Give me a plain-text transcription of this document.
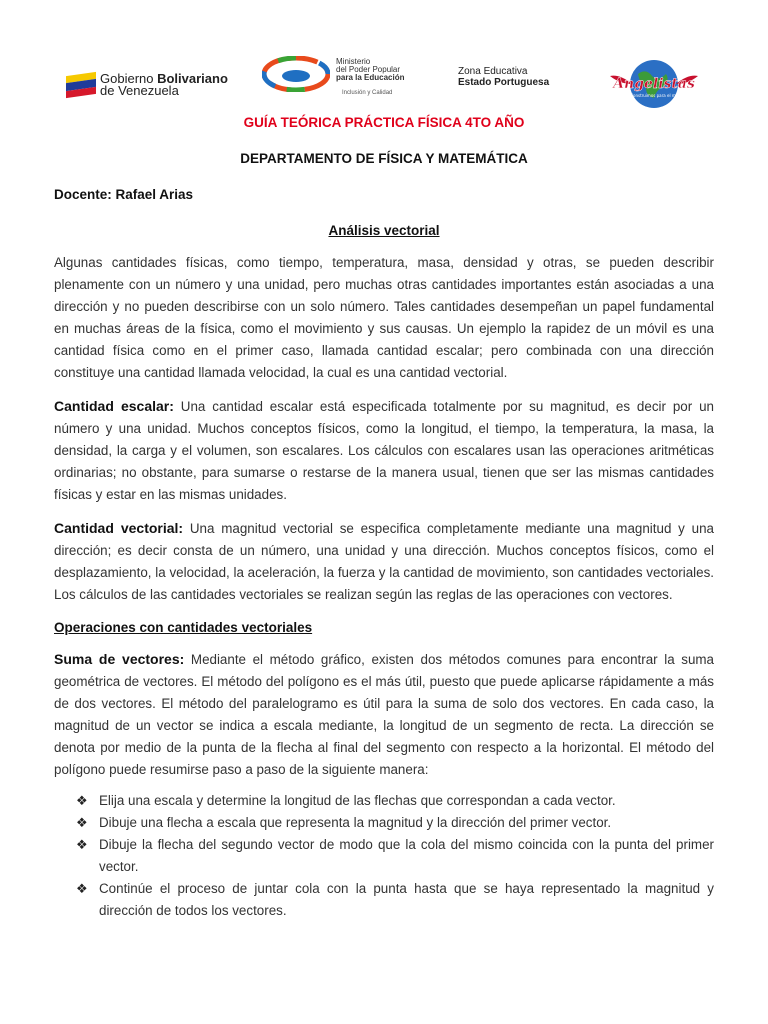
Gobierno Bolivariano
de Venezuela
Ministerio
del Poder Popular
para la Educación
Inclusión y Calidad
Zona Educativa
Estado Portuguesa	Angelistas
Construimos para el mundo
GUÍA TEÓRICA PRÁCTICA FÍSICA 4TO AÑO
DEPARTAMENTO DE FÍSICA Y MATEMÁTICA
Docente: Rafael Arias
Análisis vectorial

Algunas cantidades físicas, como tiempo, temperatura, masa, densidad y otras, se pueden describir plenamente con un número y una unidad, pero muchas otras cantidades importantes están asociadas a una dirección y no pueden describirse con un solo número. Tales cantidades desempeñan un papel fundamental en muchas áreas de la física, como el movimiento y sus causas. Un ejemplo la rapidez de un móvil es una cantidad física como en el primer caso, llamada cantidad escalar; pero combinada con una dirección constituye una cantidad llamada velocidad, la cual es una cantidad vectorial.

Cantidad escalar: Una cantidad escalar está especificada totalmente por su magnitud, es decir por un número y una unidad. Muchos conceptos físicos, como la longitud, el tiempo, la temperatura, la masa, la densidad, la carga y el volumen, son escalares. Los cálculos con escalares usan las operaciones aritméticas ordinarias; no obstante, para sumarse o restarse de la manera usual, tienen que ser las mismas cantidades físicas y estar en las mismas unidades.

Cantidad vectorial: Una magnitud vectorial se especifica completamente mediante una magnitud y una dirección; es decir consta de un número, una unidad y una dirección. Muchos conceptos físicos, como el desplazamiento, la velocidad, la aceleración, la fuerza y la cantidad de movimiento, son cantidades vectoriales. Los cálculos de las cantidades vectoriales se realizan según las reglas de las operaciones con vectores.

Operaciones con cantidades vectoriales

Suma de vectores: Mediante el método gráfico, existen dos métodos comunes para encontrar la suma geométrica de vectores. El método del polígono es el más útil, puesto que puede aplicarse rápidamente a más de dos vectores. El método del paralelogramo es útil para la suma de solo dos vectores. En cada caso, la magnitud de un vector se indica a escala mediante, la longitud de un segmento de recta. La dirección se denota por medio de la punta de la flecha al final del segmento con respecto a la horizontal. El método del polígono puede resumirse paso a paso de la siguiente manera:

❖ Elija una escala y determine la longitud de las flechas que correspondan a cada vector.
❖ Dibuje una flecha a escala que representa la magnitud y la dirección del primer vector.
❖ Dibuje la flecha del segundo vector de modo que la cola del mismo coincida con la punta del primer vector.
❖ Continúe el proceso de juntar cola con la punta hasta que se haya representado la magnitud y dirección de todos los vectores.
